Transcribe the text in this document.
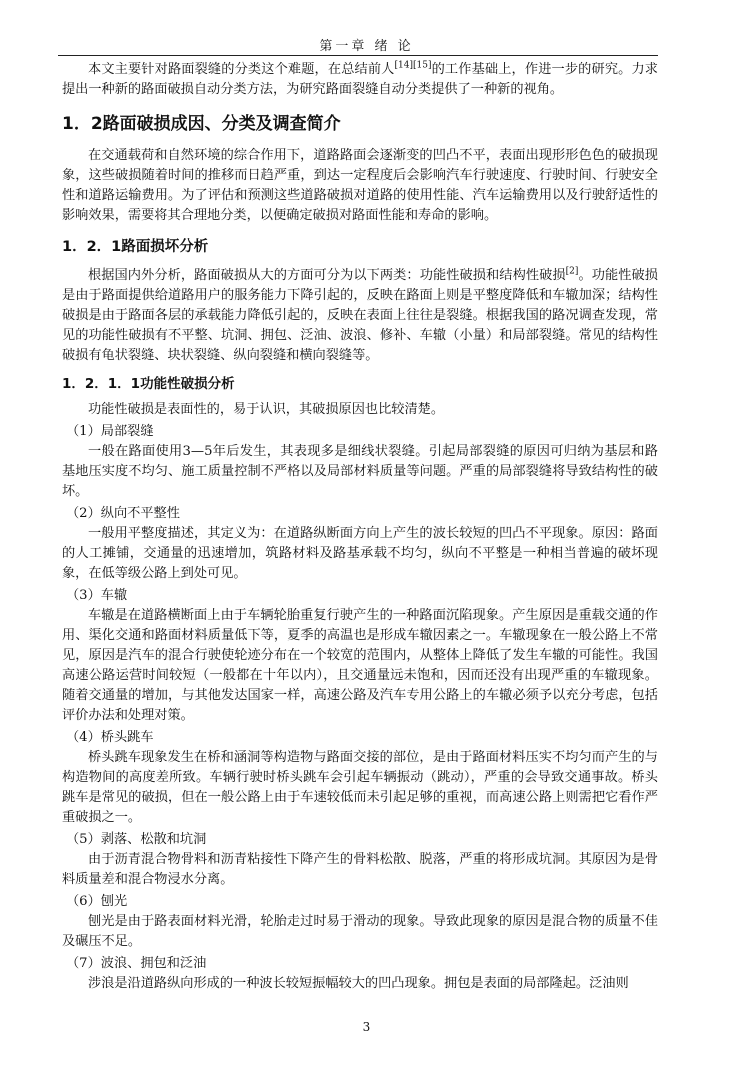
第一章 绪 论

本文主要针对路面裂缝的分类这个难题，在总结前人[14][15]的工作基础上，作进一步的研究。力求提出一种新的路面破损自动分类方法，为研究路面裂缝自动分类提供了一种新的视角。

1．2路面破损成因、分类及调查简介

在交通载荷和自然环境的综合作用下，道路路面会逐渐变的凹凸不平，表面出现形形色色的破损现象，这些破损随着时间的推移而日趋严重，到达一定程度后会影响汽车行驶速度、行驶时间、行驶安全性和道路运输费用。为了评估和预测这些道路破损对道路的使用性能、汽车运输费用以及行驶舒适性的影响效果，需要将其合理地分类，以便确定破损对路面性能和寿命的影响。

1．2．1路面损坏分析

根据国内外分析，路面破损从大的方面可分为以下两类：功能性破损和结构性破损[2]。功能性破损是由于路面提供给道路用户的服务能力下降引起的，反映在路面上则是平整度降低和车辙加深；结构性破损是由于路面各层的承载能力降低引起的，反映在表面上往往是裂缝。根据我国的路况调查发现，常见的功能性破损有不平整、坑洞、拥包、泛油、波浪、修补、车辙（小量）和局部裂缝。常见的结构性破损有龟状裂缝、块状裂缝、纵向裂缝和横向裂缝等。

1．2．1．1功能性破损分析

功能性破损是表面性的，易于认识，其破损原因也比较清楚。

（1）局部裂缝

一般在路面使用3—5年后发生，其表现多是细线状裂缝。引起局部裂缝的原因可归纳为基层和路基地压实度不均匀、施工质量控制不严格以及局部材料质量等问题。严重的局部裂缝将导致结构性的破坏。

（2）纵向不平整性

一般用平整度描述，其定义为：在道路纵断面方向上产生的波长较短的凹凸不平现象。原因：路面的人工摊铺，交通量的迅速增加，筑路材料及路基承载不均匀，纵向不平整是一种相当普遍的破坏现象，在低等级公路上到处可见。

（3）车辙

车辙是在道路横断面上由于车辆轮胎重复行驶产生的一种路面沉陷现象。产生原因是重载交通的作用、渠化交通和路面材料质量低下等，夏季的高温也是形成车辙因素之一。车辙现象在一般公路上不常见，原因是汽车的混合行驶使轮迹分布在一个较宽的范围内，从整体上降低了发生车辙的可能性。我国高速公路运营时间较短（一般都在十年以内），且交通量远未饱和，因而还没有出现严重的车辙现象。随着交通量的增加，与其他发达国家一样，高速公路及汽车专用公路上的车辙必须予以充分考虑，包括评价办法和处理对策。

（4）桥头跳车

桥头跳车现象发生在桥和涵洞等构造物与路面交接的部位，是由于路面材料压实不均匀而产生的与构造物间的高度差所致。车辆行驶时桥头跳车会引起车辆振动（跳动），严重的会导致交通事故。桥头跳车是常见的破损，但在一般公路上由于车速较低而未引起足够的重视，而高速公路上则需把它看作严重破损之一。

（5）剥落、松散和坑洞

由于沥青混合物骨料和沥青粘接性下降产生的骨料松散、脱落，严重的将形成坑洞。其原因为是骨料质量差和混合物浸水分离。

（6）刨光

刨光是由于路表面材料光滑，轮胎走过时易于滑动的现象。导致此现象的原因是混合物的质量不佳及碾压不足。

（7）波浪、拥包和泛油

涉浪是沿道路纵向形成的一种波长较短振幅较大的凹凸现象。拥包是表面的局部隆起。泛油则

3
